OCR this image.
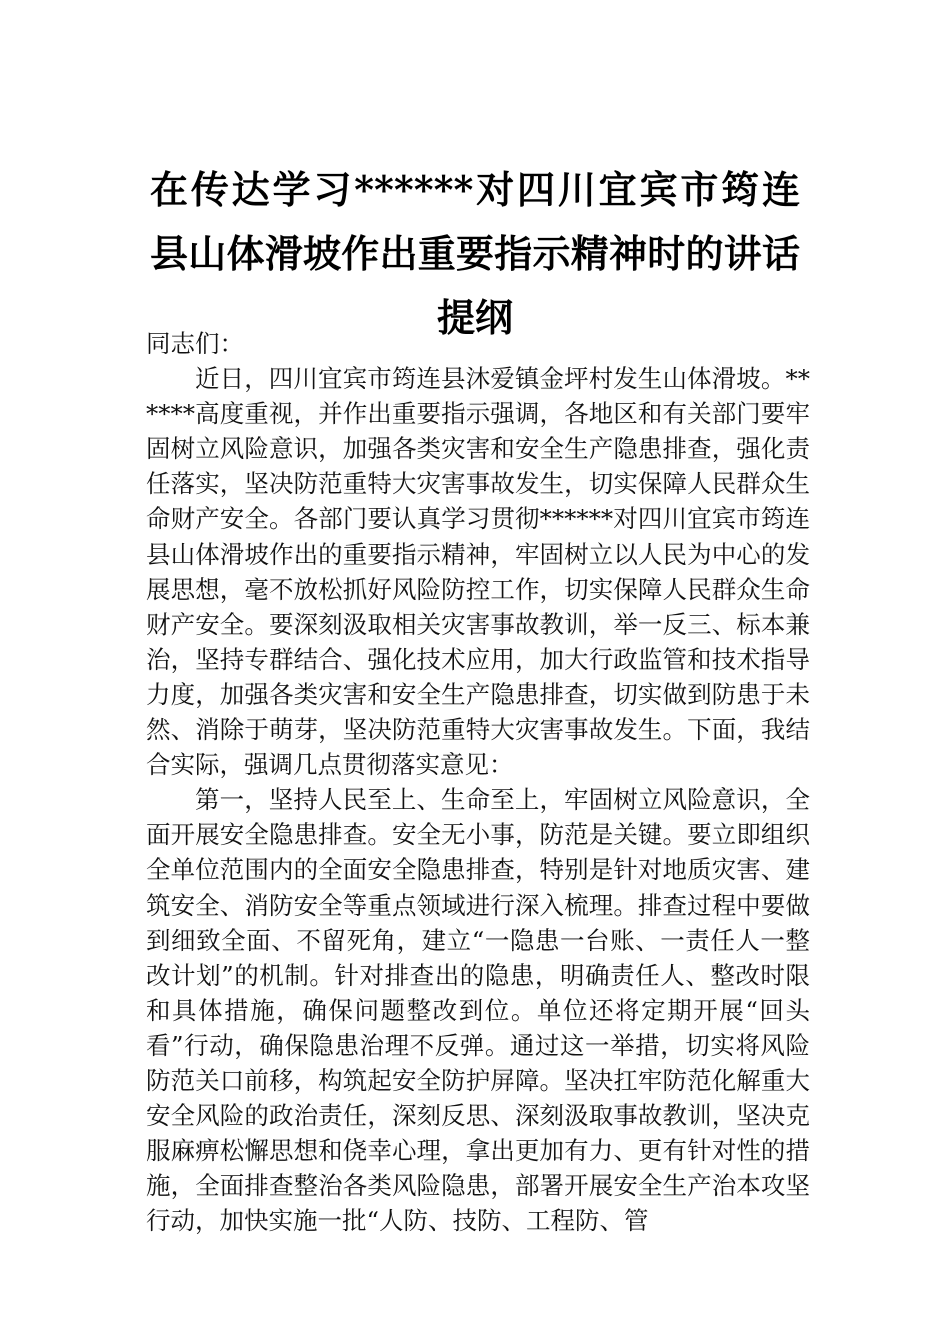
在传达学习******对四川宜宾市筠连县山体滑坡作出重要指示精神时的讲话提纲

同志们：

近日，四川宜宾市筠连县沐爱镇金坪村发生山体滑坡。******高度重视，并作出重要指示强调，各地区和有关部门要牢固树立风险意识，加强各类灾害和安全生产隐患排查，强化责任落实，坚决防范重特大灾害事故发生，切实保障人民群众生命财产安全。各部门要认真学习贯彻******对四川宜宾市筠连县山体滑坡作出的重要指示精神，牢固树立以人民为中心的发展思想，毫不放松抓好风险防控工作，切实保障人民群众生命财产安全。要深刻汲取相关灾害事故教训，举一反三、标本兼治，坚持专群结合、强化技术应用，加大行政监管和技术指导力度，加强各类灾害和安全生产隐患排查，切实做到防患于未然、消除于萌芽，坚决防范重特大灾害事故发生。下面，我结合实际，强调几点贯彻落实意见：

第一，坚持人民至上、生命至上，牢固树立风险意识，全面开展安全隐患排查。安全无小事，防范是关键。要立即组织全单位范围内的全面安全隐患排查，特别是针对地质灾害、建筑安全、消防安全等重点领域进行深入梳理。排查过程中要做到细致全面、不留死角，建立“一隐患一台账、一责任人一整改计划”的机制。针对排查出的隐患，明确责任人、整改时限和具体措施，确保问题整改到位。单位还将定期开展“回头看”行动，确保隐患治理不反弹。通过这一举措，切实将风险防范关口前移，构筑起安全防护屏障。坚决扛牢防范化解重大安全风险的政治责任，深刻反思、深刻汲取事故教训，坚决克服麻痹松懈思想和侥幸心理，拿出更加有力、更有针对性的措施，全面排查整治各类风险隐患，部署开展安全生产治本攻坚行动，加快实施一批“人防、技防、工程防、管
